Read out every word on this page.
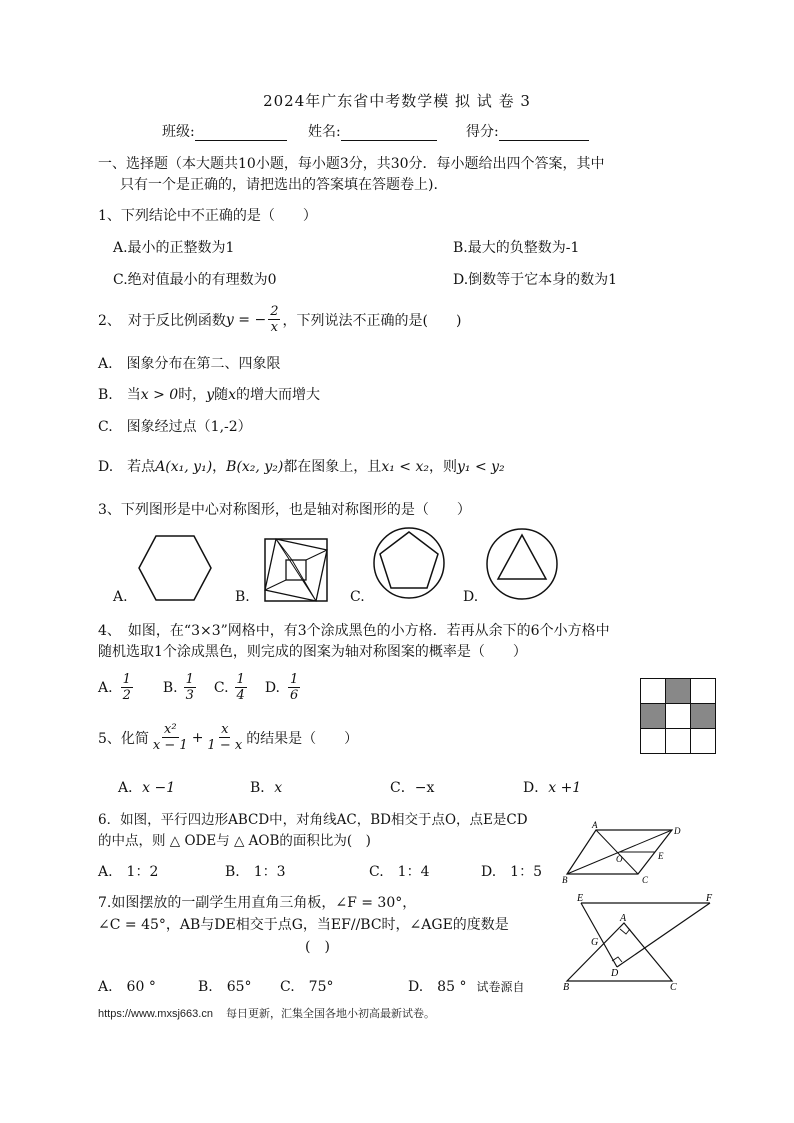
2024年广东省中考数学模 拟 试 卷 3
班级:	姓名:	得分:
一、选择题（本大题共10小题，每小题3分，共30分．每小题给出四个答案，其中
只有一个是正确的，请把选出的答案填在答题卷上).
1、下列结论中不正确的是（　　）
A.最小的正整数为1	B.最大的负整数为-1
C.绝对值最小的有理数为0	D.倒数等于它本身的数为1
2、　对于反比例函数 y = − $\frac{2}{x}$ ，下列说法不正确的是(　　)
A.　图象分布在第二、四象限
B.　当x > 0时，y随x的增大而增大
C.　图象经过点（1,-2）
D.　若点A(x₁, y₁)，B(x₂, y₂)都在图象上，且x₁ < x₂，则y₁ < y₂
3、下列图形是中心对称图形，也是轴对称图形的是（　　）
A.	B.	C.	D.
4、　如图，在“3×3”网格中，有3个涂成黑色的小方格．若再从余下的6个小方格中
随机选取1个涂成黑色，则完成的图案为轴对称图案的概率是（　　）
A. $\frac{1}{2} B$. $\frac{1}{3} C$. $\frac{1}{4} D$. $\frac{1}{6}$
5、化简 $\frac{\text{x²}}{x - 1} + \frac{x}{1 - x}$ 的结果是（　　）
A．x −1	B．x	C．−x	D．x +1
6．如图，平行四边形ABCD中，对角线AC，BD相交于点O，点E是CD
的中点，则 △ ODE与 △ AOB的面积比为(　)
A.　1：2	B.　1：3	C.　1：4	D.　1：5
A
D
O	E
B	C
7.如图摆放的一副学生用直角三角板，∠F = 30°，
∠C = 45°，AB与DE相交于点G，当EF//BC时，∠AGE的度数是
(　)
A.　60 °	B.　65° C.　75°	D.　85 ° 试卷源自
E	F
A
G
D
B	C
https://www.mxsj663.cn 每日更新，汇集全国各地小初高最新试卷。
